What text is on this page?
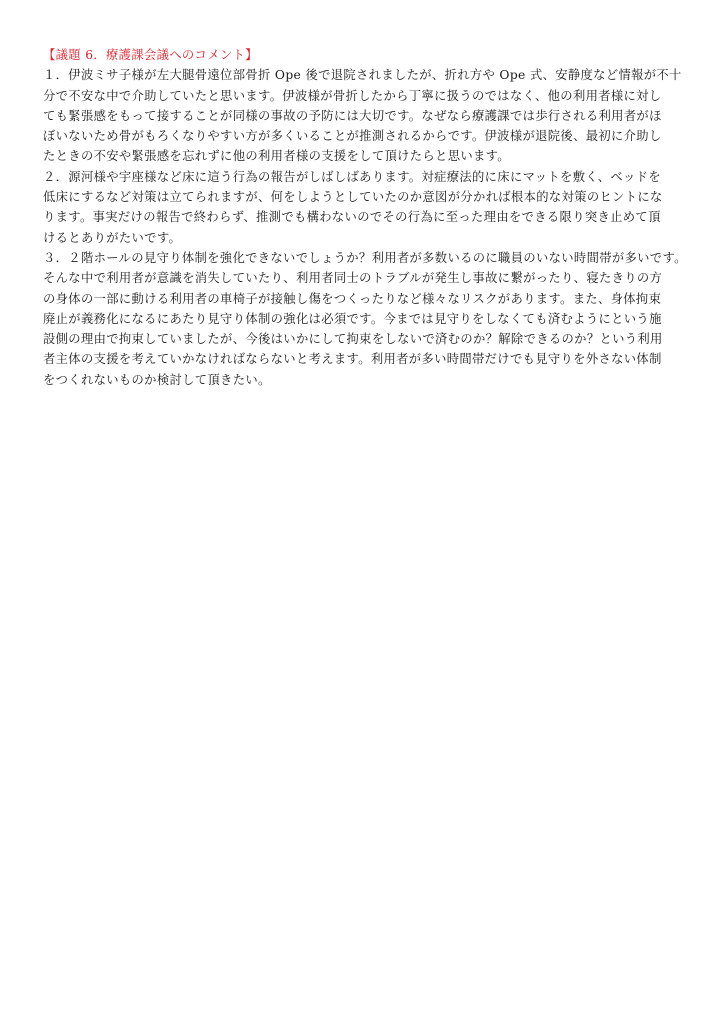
【議題 6．療護課会議へのコメント】

１．伊波ミサ子様が左大腿骨遠位部骨折 Ope 後で退院されましたが、折れ方や Ope 式、安静度など情報が不十
分で不安な中で介助していたと思います。伊波様が骨折したから丁寧に扱うのではなく、他の利用者様に対し
ても緊張感をもって接することが同様の事故の予防には大切です。なぜなら療護課では歩行される利用者がほ
ぼいないため骨がもろくなりやすい方が多くいることが推測されるからです。伊波様が退院後、最初に介助し
たときの不安や緊張感を忘れずに他の利用者様の支援をして頂けたらと思います。
２．源河様や宇座様など床に這う行為の報告がしばしばあります。対症療法的に床にマットを敷く、ベッドを
低床にするなど対策は立てられますが、何をしようとしていたのか意図が分かれば根本的な対策のヒントにな
ります。事実だけの報告で終わらず、推測でも構わないのでその行為に至った理由をできる限り突き止めて頂
けるとありがたいです。
３．２階ホールの見守り体制を強化できないでしょうか？利用者が多数いるのに職員のいない時間帯が多いです。
そんな中で利用者が意識を消失していたり、利用者同士のトラブルが発生し事故に繋がったり、寝たきりの方
の身体の一部に動ける利用者の車椅子が接触し傷をつくったりなど様々なリスクがあります。また、身体拘束
廃止が義務化になるにあたり見守り体制の強化は必須です。今までは見守りをしなくても済むようにという施
設側の理由で拘束していましたが、今後はいかにして拘束をしないで済むのか？解除できるのか？という利用
者主体の支援を考えていかなければならないと考えます。利用者が多い時間帯だけでも見守りを外さない体制
をつくれないものか検討して頂きたい。
